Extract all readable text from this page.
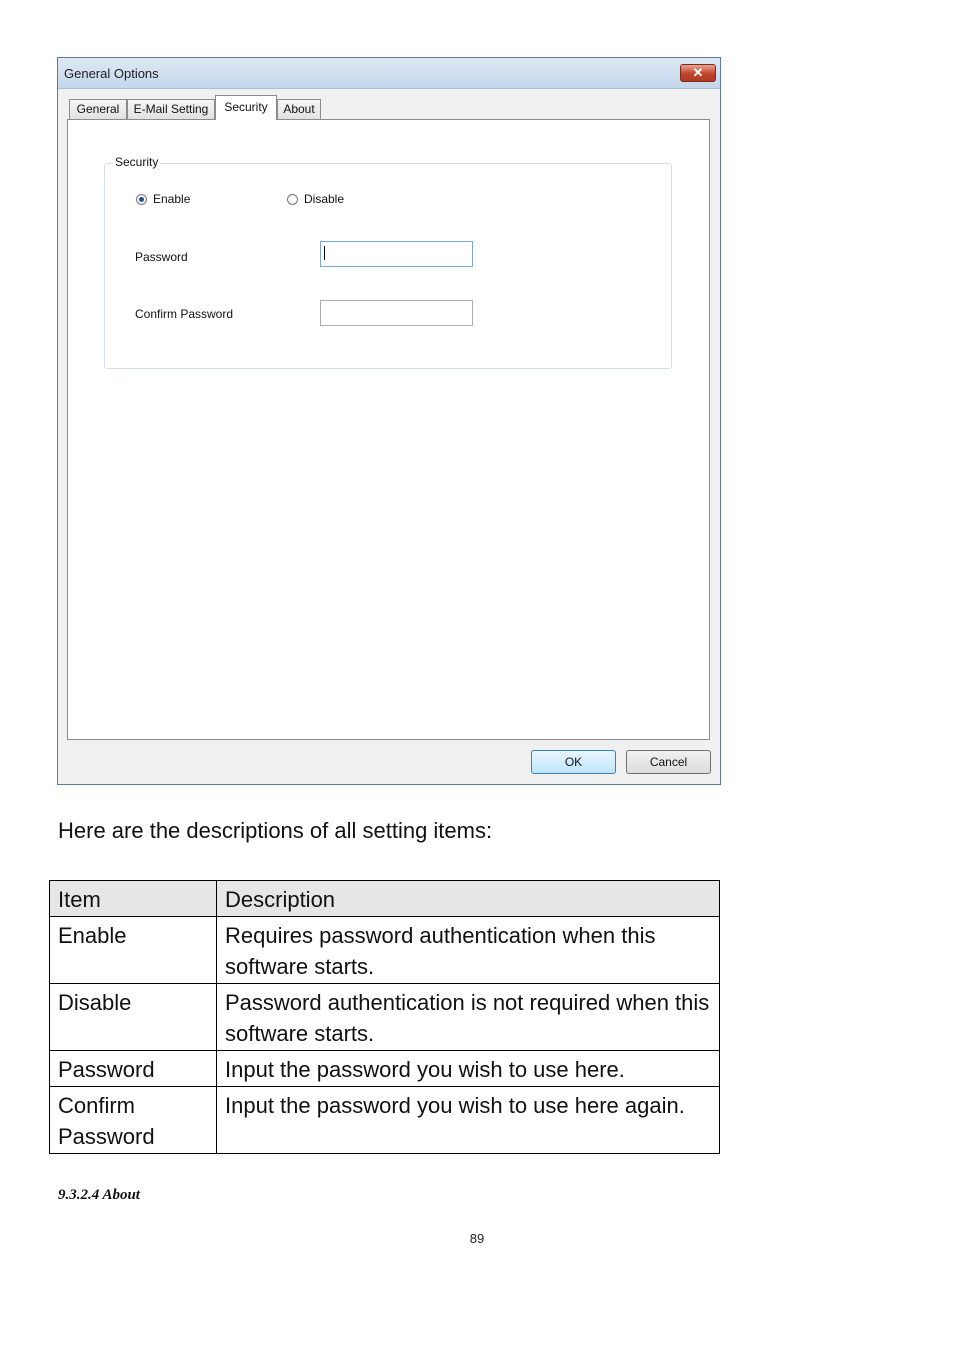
General Options	✕
General	E-Mail Setting	Security	About
Security
Enable	Disable
Password
Confirm Password
OK	Cancel
Here are the descriptions of all setting items:
Item	Description
Enable	Requires password authentication when this software starts.
Disable	Password authentication is not required when this software starts.
Password	Input the password you wish to use here.
Confirm Password	Input the password you wish to use here again.
9.3.2.4 About
89
